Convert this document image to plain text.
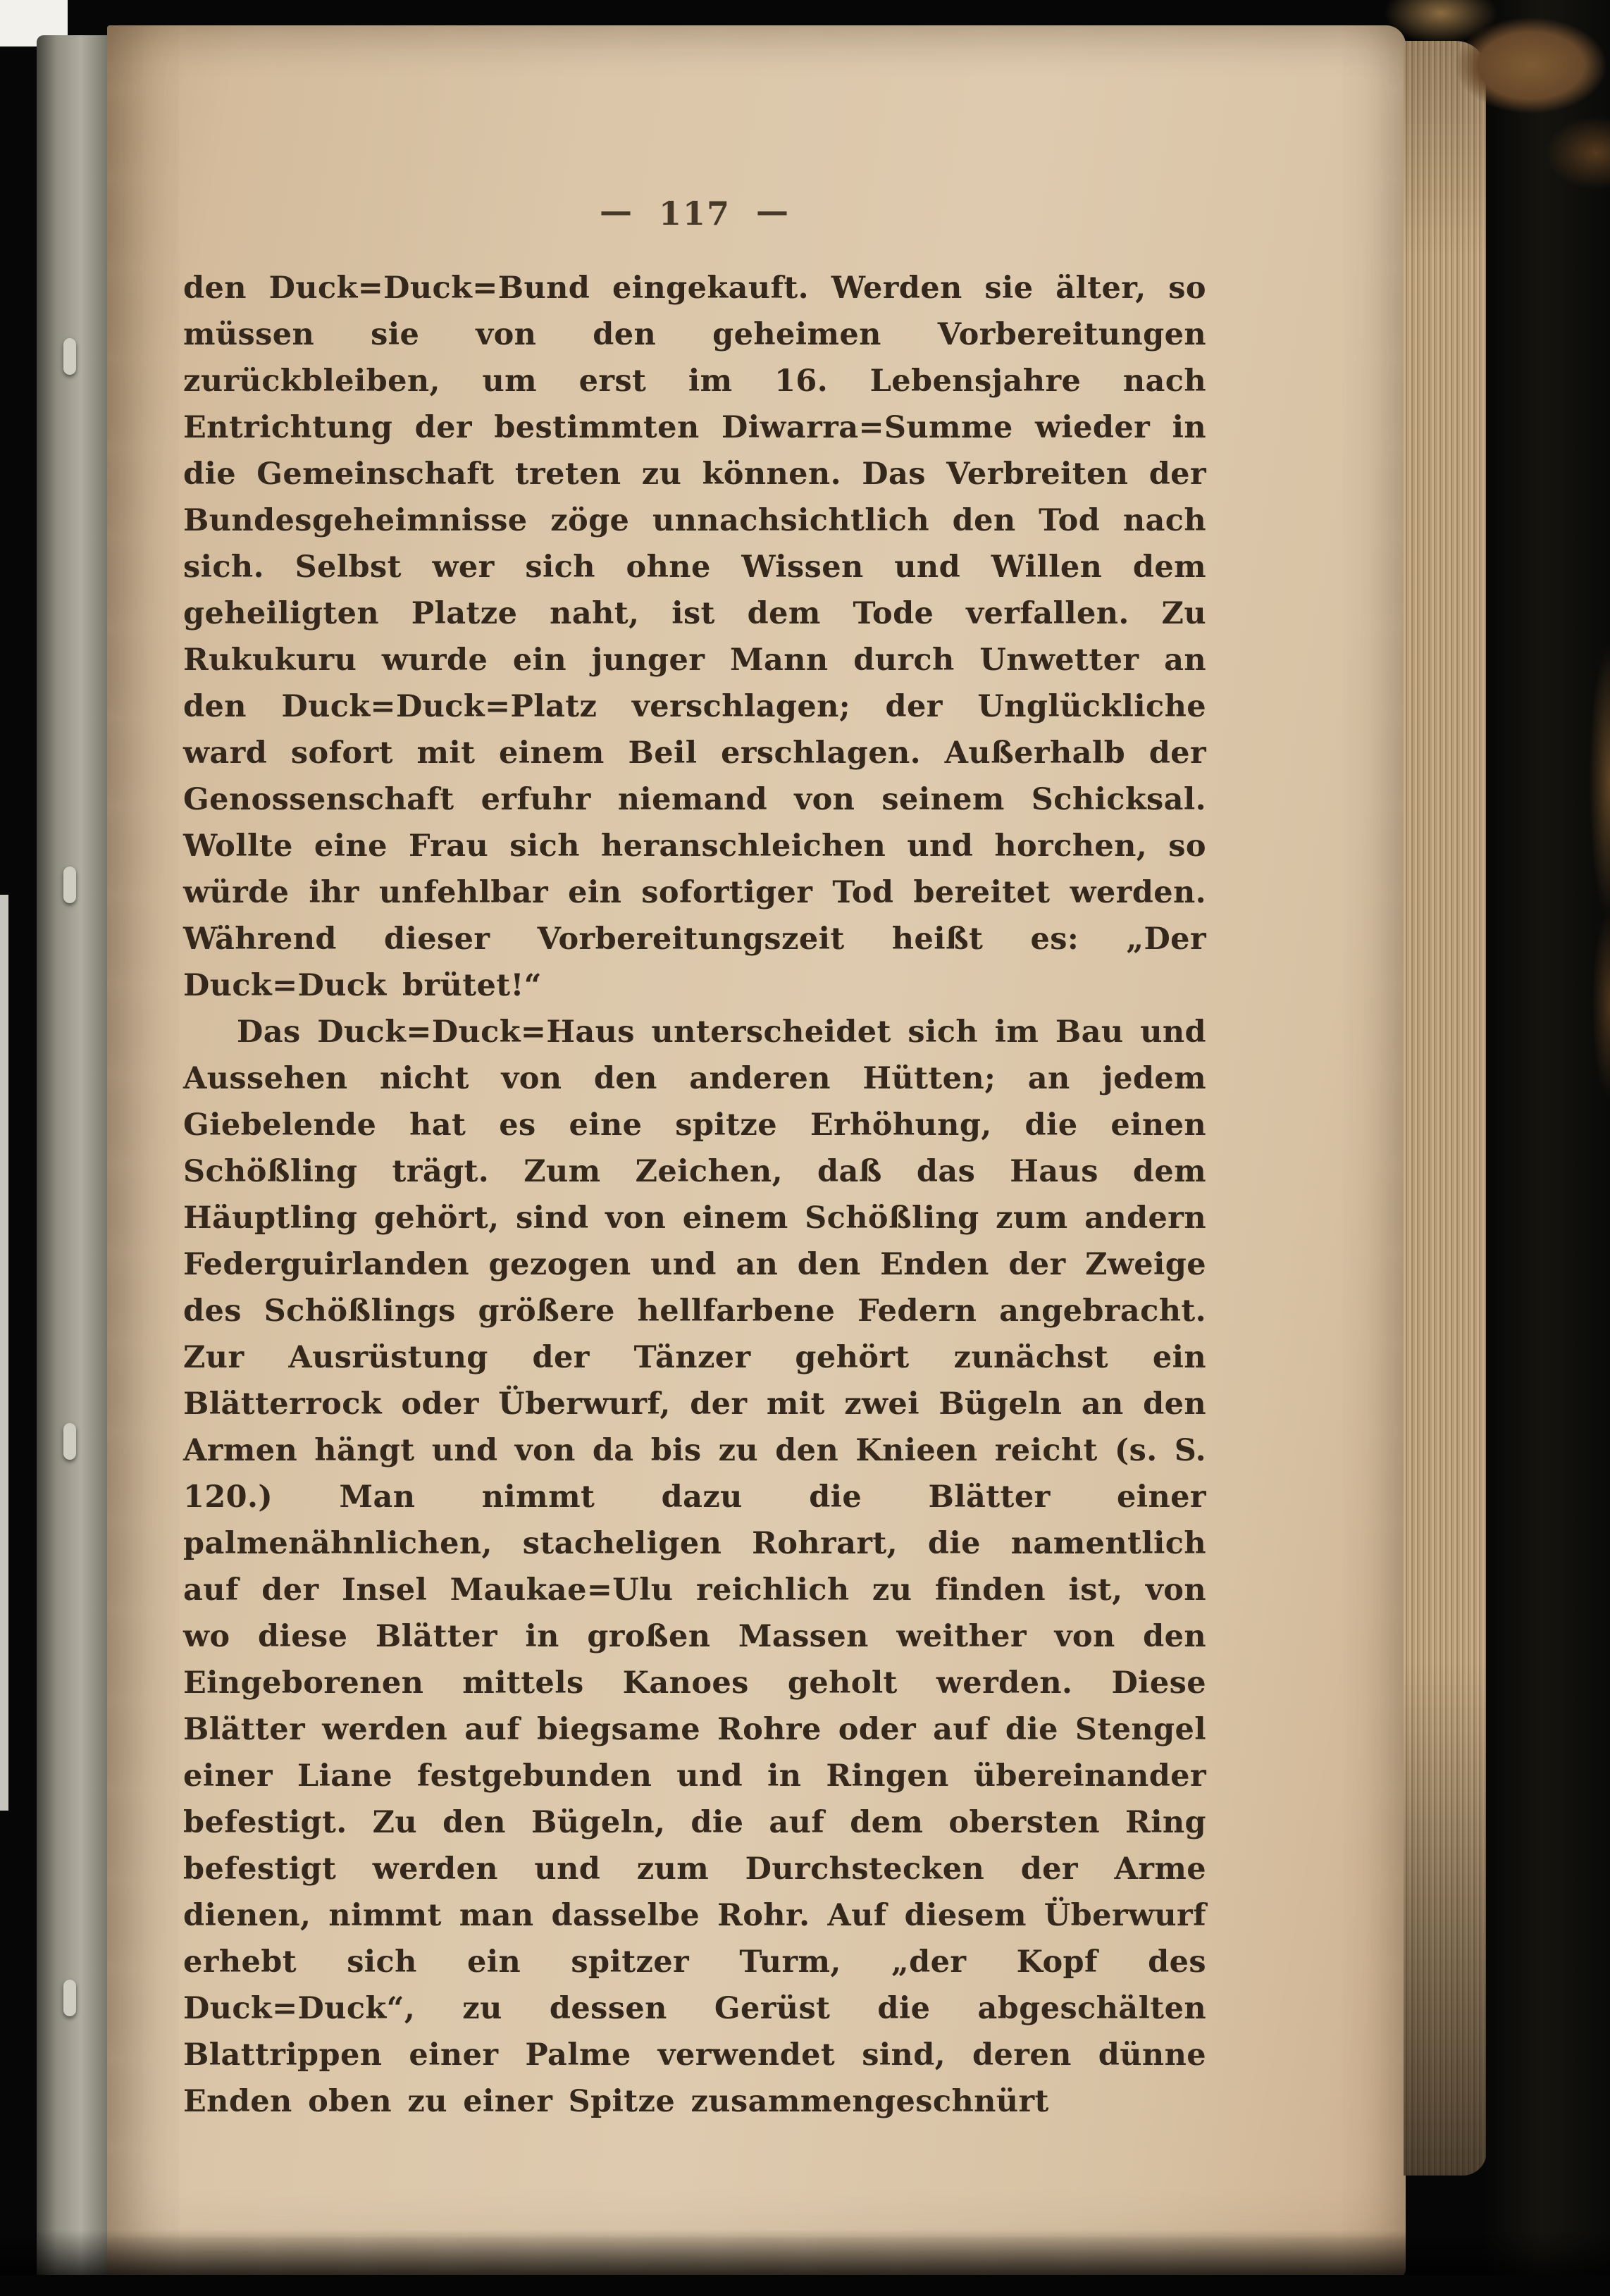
— 117 —

den Duck=Duck=Bund eingekauft. Werden sie älter, so müssen sie von den geheimen Vorbereitungen zurückbleiben, um erst im 16. Lebensjahre nach Entrichtung der bestimmten Diwarra=Summe wieder in die Gemeinschaft treten zu können. Das Verbreiten der Bundesgeheimnisse zöge unnachsichtlich den Tod nach sich. Selbst wer sich ohne Wissen und Willen dem geheiligten Platze naht, ist dem Tode verfallen. Zu Rukukuru wurde ein junger Mann durch Unwetter an den Duck=Duck=Platz verschlagen; der Unglückliche ward sofort mit einem Beil erschlagen. Außerhalb der Genossenschaft erfuhr niemand von seinem Schicksal. Wollte eine Frau sich heranschleichen und horchen, so würde ihr unfehlbar ein sofortiger Tod bereitet werden. Während dieser Vorbereitungszeit heißt es: „Der Duck=Duck brütet!“

Das Duck=Duck=Haus unterscheidet sich im Bau und Aussehen nicht von den anderen Hütten; an jedem Giebelende hat es eine spitze Erhöhung, die einen Schößling trägt. Zum Zeichen, daß das Haus dem Häuptling gehört, sind von einem Schößling zum andern Federguirlanden gezogen und an den Enden der Zweige des Schößlings größere hellfarbene Federn angebracht. Zur Ausrüstung der Tänzer gehört zunächst ein Blätterrock oder Überwurf, der mit zwei Bügeln an den Armen hängt und von da bis zu den Knieen reicht (s. S. 120.) Man nimmt dazu die Blätter einer palmenähnlichen, stacheligen Rohrart, die namentlich auf der Insel Maukae=Ulu reichlich zu finden ist, von wo diese Blätter in großen Massen weither von den Eingeborenen mittels Kanoes geholt werden. Diese Blätter werden auf biegsame Rohre oder auf die Stengel einer Liane festgebunden und in Ringen übereinander befestigt. Zu den Bügeln, die auf dem obersten Ring befestigt werden und zum Durchstecken der Arme dienen, nimmt man dasselbe Rohr. Auf diesem Überwurf erhebt sich ein spitzer Turm, „der Kopf des Duck=Duck“, zu dessen Gerüst die abgeschälten Blattrippen einer Palme verwendet sind, deren dünne Enden oben zu einer Spitze zusammengeschnürt
